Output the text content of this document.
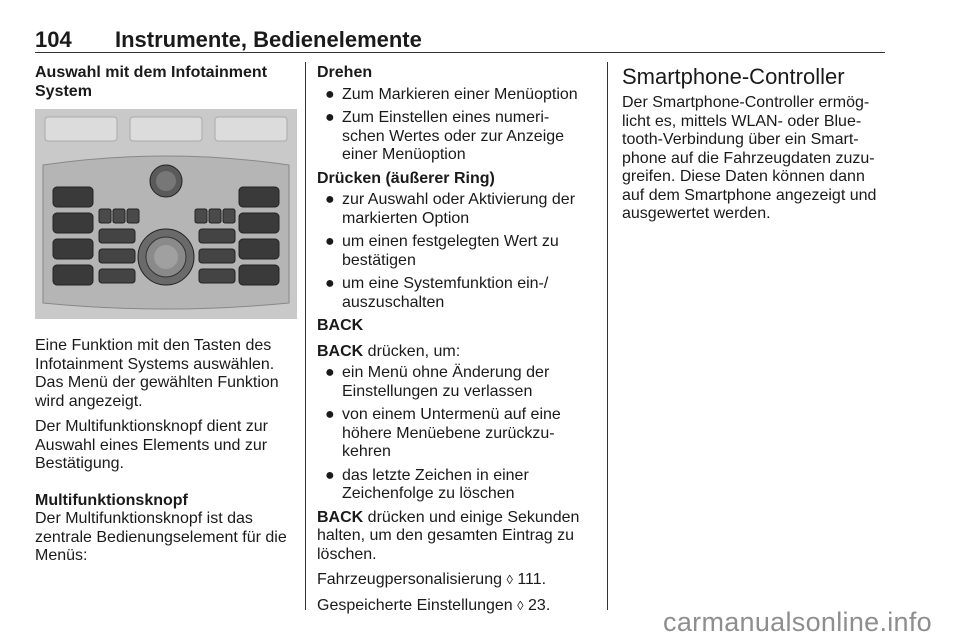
104 Instrumente, Bedienelemente

Auswahl mit dem Infotainment System

Eine Funktion mit den Tasten des Infotainment Systems auswählen. Das Menü der gewählten Funktion wird angezeigt.

Der Multifunktionsknopf dient zur Auswahl eines Elements und zur Bestätigung.

Multifunktionsknopf

Der Multifunktionsknopf ist das zentrale Bedienungselement für die Menüs:

Drehen

● Zum Markieren einer Menüoption
● Zum Einstellen eines numeri-
schen Wertes oder zur Anzeige
einer Menüoption

Drücken (äußerer Ring)

● zur Auswahl oder Aktivierung der
markierten Option
● um einen festgelegten Wert zu
bestätigen
● um eine Systemfunktion ein-/
auszuschalten

BACK

BACK drücken, um:

● ein Menü ohne Änderung der
Einstellungen zu verlassen
● von einem Untermenü auf eine
höhere Menüebene zurückzu-
kehren
● das letzte Zeichen in einer
Zeichenfolge zu löschen

BACK drücken und einige Sekunden halten, um den gesamten Eintrag zu löschen.

Fahrzeugpersonalisierung ◊ 111.

Gespeicherte Einstellungen ◊ 23.

Smartphone-Controller

Der Smartphone-Controller ermög-
licht es, mittels WLAN- oder Blue-
tooth-Verbindung über ein Smart-
phone auf die Fahrzeugdaten zuzu-
greifen. Diese Daten können dann
auf dem Smartphone angezeigt und
ausgewertet werden.

carmanualsonline.info
